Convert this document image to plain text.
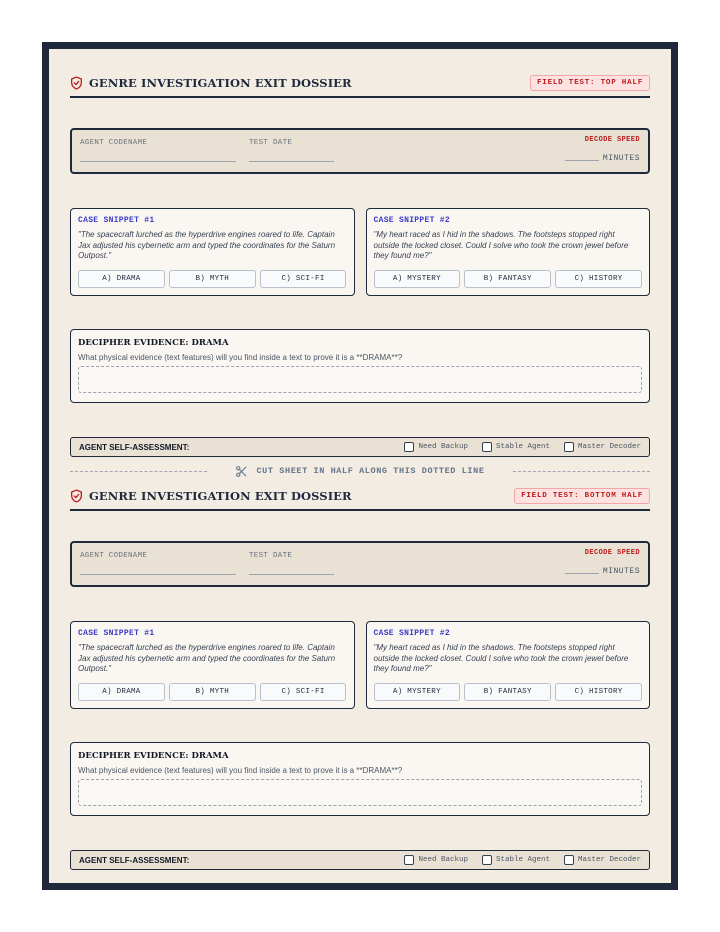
GENRE INVESTIGATION EXIT DOSSIER	FIELD TEST: TOP HALF
AGENT CODENAME	TEST DATE	DECODE SPEED
MINUTES
CASE SNIPPET #1
"The spacecraft lurched as the hyperdrive engines roared to life. Captain Jax adjusted his cybernetic arm and typed the coordinates for the Saturn Outpost."
A) DRAMA	B) MYTH	C) SCI-FI
CASE SNIPPET #2
"My heart raced as I hid in the shadows. The footsteps stopped right outside the locked closet. Could I solve who took the crown jewel before they found me?"
A) MYSTERY	B) FANTASY	C) HISTORY
DECIPHER EVIDENCE: DRAMA
What physical evidence (text features) will you find inside a text to prove it is a **DRAMA**?
AGENT SELF-ASSESSMENT:	Need Backup	Stable Agent	Master Decoder
CUT SHEET IN HALF ALONG THIS DOTTED LINE
GENRE INVESTIGATION EXIT DOSSIER	FIELD TEST: BOTTOM HALF
AGENT CODENAME	TEST DATE	DECODE SPEED
MINUTES
CASE SNIPPET #1
"The spacecraft lurched as the hyperdrive engines roared to life. Captain Jax adjusted his cybernetic arm and typed the coordinates for the Saturn Outpost."
A) DRAMA	B) MYTH	C) SCI-FI
CASE SNIPPET #2
"My heart raced as I hid in the shadows. The footsteps stopped right outside the locked closet. Could I solve who took the crown jewel before they found me?"
A) MYSTERY	B) FANTASY	C) HISTORY
DECIPHER EVIDENCE: DRAMA
What physical evidence (text features) will you find inside a text to prove it is a **DRAMA**?
AGENT SELF-ASSESSMENT:	Need Backup	Stable Agent	Master Decoder
